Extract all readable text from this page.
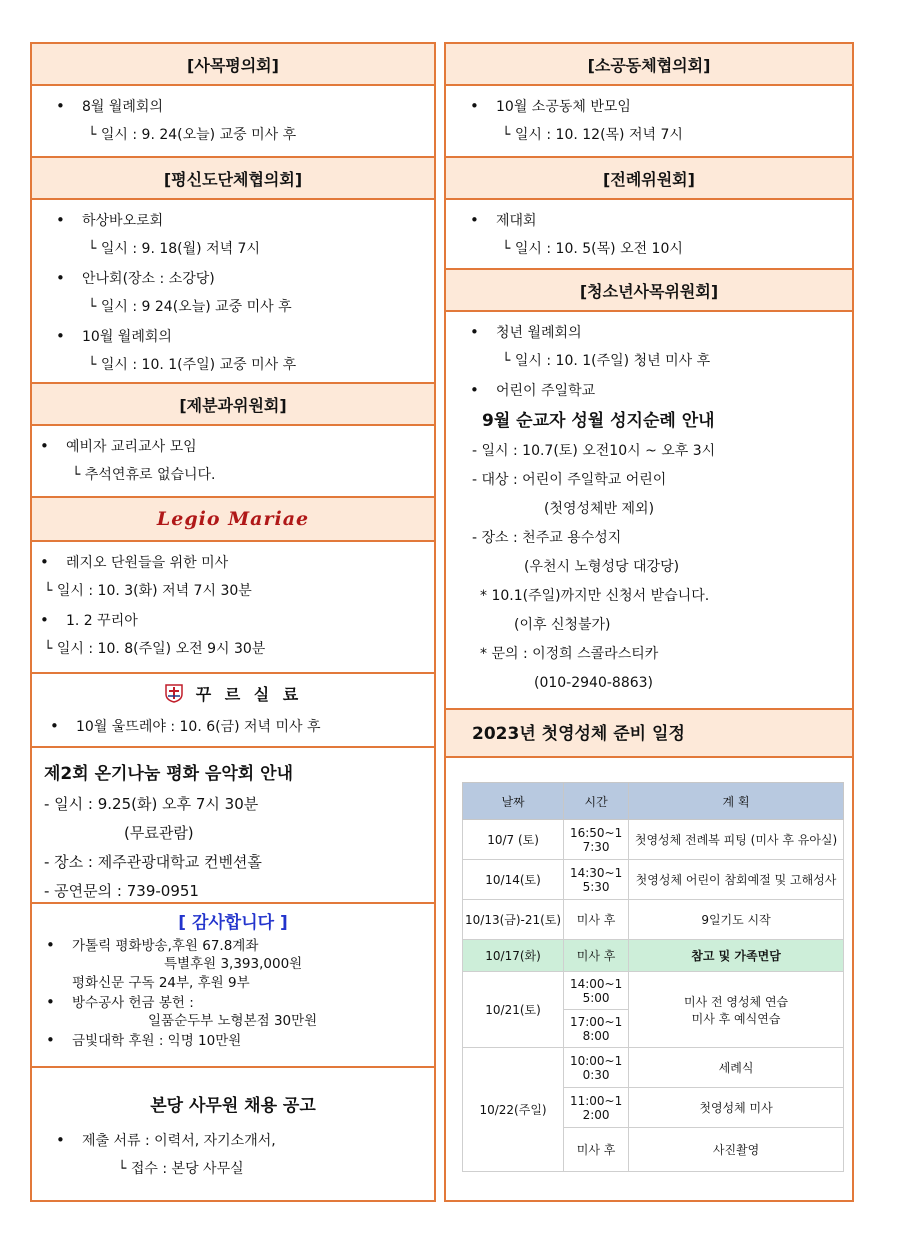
[사목평의회]
• 8월 월례회의
└ 일시 : 9. 24(오늘) 교중 미사 후
[평신도단체협의회]
• 하상바오로회
└ 일시 : 9. 18(월) 저녁 7시
• 안나회(장소 : 소강당)
└ 일시 : 9 24(오늘) 교중 미사 후
• 10월 월례회의
└ 일시 : 10. 1(주일) 교중 미사 후
[제분과위원회]
• 예비자 교리교사 모임
└ 추석연휴로 없습니다.
Legio Mariae
• 레지오 단원들을 위한 미사
└ 일시 : 10. 3(화) 저녁 7시 30분
• 1. 2 꾸리아
└ 일시 : 10. 8(주일) 오전 9시 30분
꾸 르 실 료
• 10월 울뜨레야 : 10. 6(금) 저녁 미사 후
제2회 온기나눔 평화 음악회 안내
- 일시 : 9.25(화) 오후 7시 30분
(무료관람)
- 장소 : 제주관광대학교 컨벤션홀
- 공연문의 : 739-0951
[ 감사합니다 ]
• 가톨릭 평화방송,후원 67.8계좌
특별후원 3,393,000원
평화신문 구독 24부, 후원 9부
• 방수공사 헌금 봉헌 :
일품순두부 노형본점 30만원
• 금빛대학 후원 : 익명 10만원
본당 사무원 채용 공고
• 제출 서류 : 이력서, 자기소개서,
└ 접수 : 본당 사무실
[소공동체협의회]
• 10월 소공동체 반모임
└ 일시 : 10. 12(목) 저녁 7시
[전례위원회]
• 제대회
└ 일시 : 10. 5(목) 오전 10시
[청소년사목위원회]
• 청년 월례회의
└ 일시 : 10. 1(주일) 청년 미사 후
• 어린이 주일학교
9월 순교자 성월 성지순례 안내
- 일시 : 10.7(토) 오전10시 ~ 오후 3시
- 대상 : 어린이 주일학교 어린이
(첫영성체반 제외)
- 장소 : 천주교 용수성지
(우천시 노형성당 대강당)
* 10.1(주일)까지만 신청서 받습니다.
(이후 신청불가)
* 문의 : 이정희 스콜라스티카
(010-2940-8863)
2023년 첫영성체 준비 일정
날짜	시간	계 획
10/7 (토)	16:50~17:30	첫영성체 전례복 피팅 (미사 후 유아실)
10/14(토)	14:30~15:30	첫영성체 어린이 참회예절 및 고해성사
10/13(금)-21(토)	미사 후	9일기도 시작
10/17(화)	미사 후	참고 및 가족면담
10/21(토)	14:00~15:00	미사 전 영성체 연습
미사 후 예식연습

	17:00~18:00	
10/22(주일)	10:00~10:30	세례식
	11:00~12:00	첫영성체 미사
	미사 후	사진촬영
